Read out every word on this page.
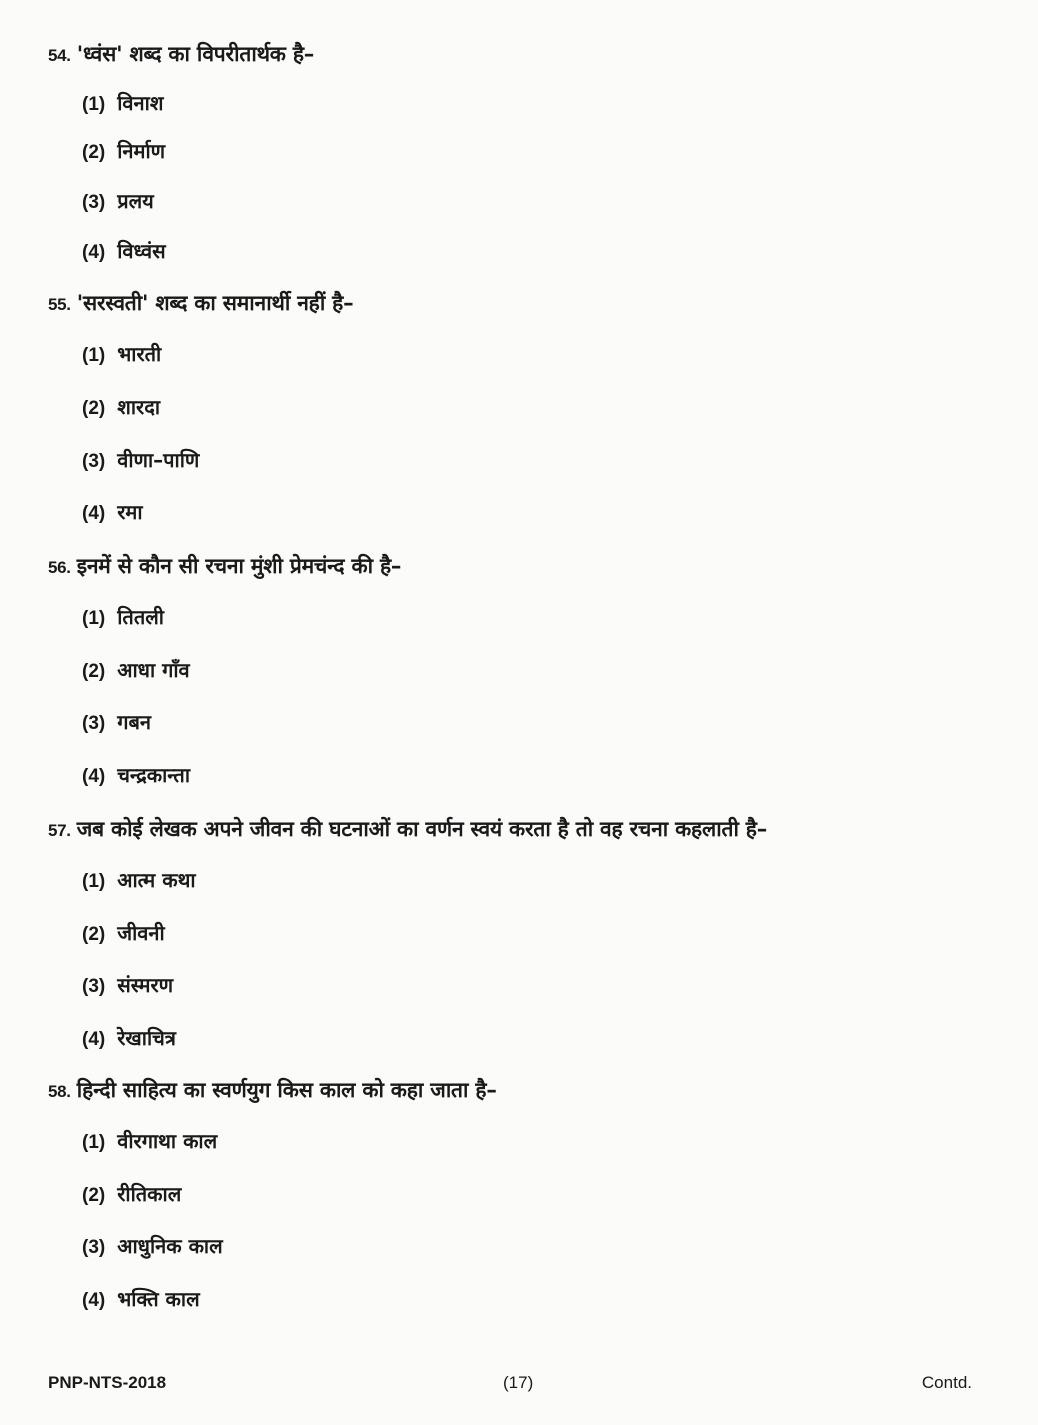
54. 'ध्वंस' शब्द का विपरीतार्थक है–
(1) विनाश
(2) निर्माण
(3) प्रलय
(4) विध्वंस
55. 'सरस्वती' शब्द का समानार्थी नहीं है–
(1) भारती
(2) शारदा
(3) वीणा–पाणि
(4) रमा
56. इनमें से कौन सी रचना मुंशी प्रेमचंन्द की है–
(1) तितली
(2) आधा गाँव
(3) गबन
(4) चन्द्रकान्ता
57. जब कोई लेखक अपने जीवन की घटनाओं का वर्णन स्वयं करता है तो वह रचना कहलाती है–
(1) आत्म कथा
(2) जीवनी
(3) संस्मरण
(4) रेखाचित्र
58. हिन्दी साहित्य का स्वर्णयुग किस काल को कहा जाता है–
(1) वीरगाथा काल
(2) रीतिकाल
(3) आधुनिक काल
(4) भक्ति काल
PNP-NTS-2018	(17)	Contd.
